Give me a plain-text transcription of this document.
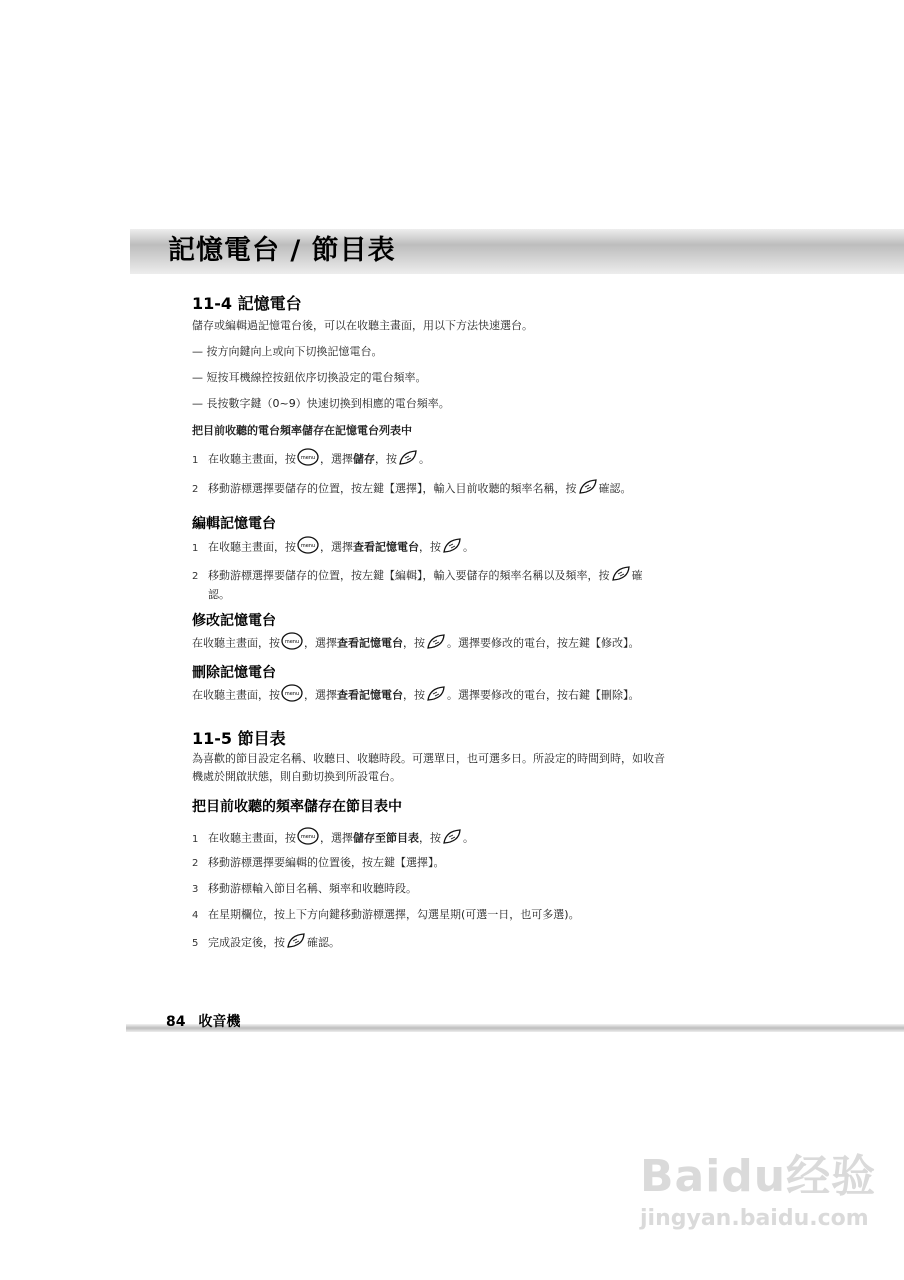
記憶電台 / 節目表
11-4 記憶電台
儲存或編輯過記憶電台後，可以在收聽主畫面，用以下方法快速選台。
— 按方向鍵向上或向下切換記憶電台。
— 短按耳機線控按鈕依序切換設定的電台頻率。
— 長按數字鍵（0~9）快速切換到相應的電台頻率。
把目前收聽的電台頻率儲存在記憶電台列表中
1 在收聽主畫面，按 menu ，選擇儲存，按 。
2 移動游標選擇要儲存的位置，按左鍵【選擇】，輸入目前收聽的頻率名稱，按 確認。
編輯記憶電台
1 在收聽主畫面，按 menu ，選擇查看記憶電台，按 。
2 移動游標選擇要儲存的位置，按左鍵【編輯】，輸入要儲存的頻率名稱以及頻率，按 確
認。
修改記憶電台
在收聽主畫面，按 menu ，選擇查看記憶電台，按 。選擇要修改的電台，按左鍵【修改】。
刪除記憶電台
在收聽主畫面，按 menu ，選擇查看記憶電台，按 。選擇要修改的電台，按右鍵【刪除】。
11-5 節目表
為喜歡的節目設定名稱、收聽日、收聽時段。可選單日，也可選多日。所設定的時間到時，如收音
機處於開啟狀態，則自動切換到所設電台。
把目前收聽的頻率儲存在節目表中
1 在收聽主畫面，按 menu ，選擇儲存至節目表，按 。
2 移動游標選擇要編輯的位置後，按左鍵【選擇】。
3 移動游標輸入節目名稱、頻率和收聽時段。
4 在星期欄位，按上下方向鍵移動游標選擇，勾選星期(可選一日，也可多選)。
5 完成設定後，按 確認。
84 收音機
Baidu经验
jingyan.baidu.com
